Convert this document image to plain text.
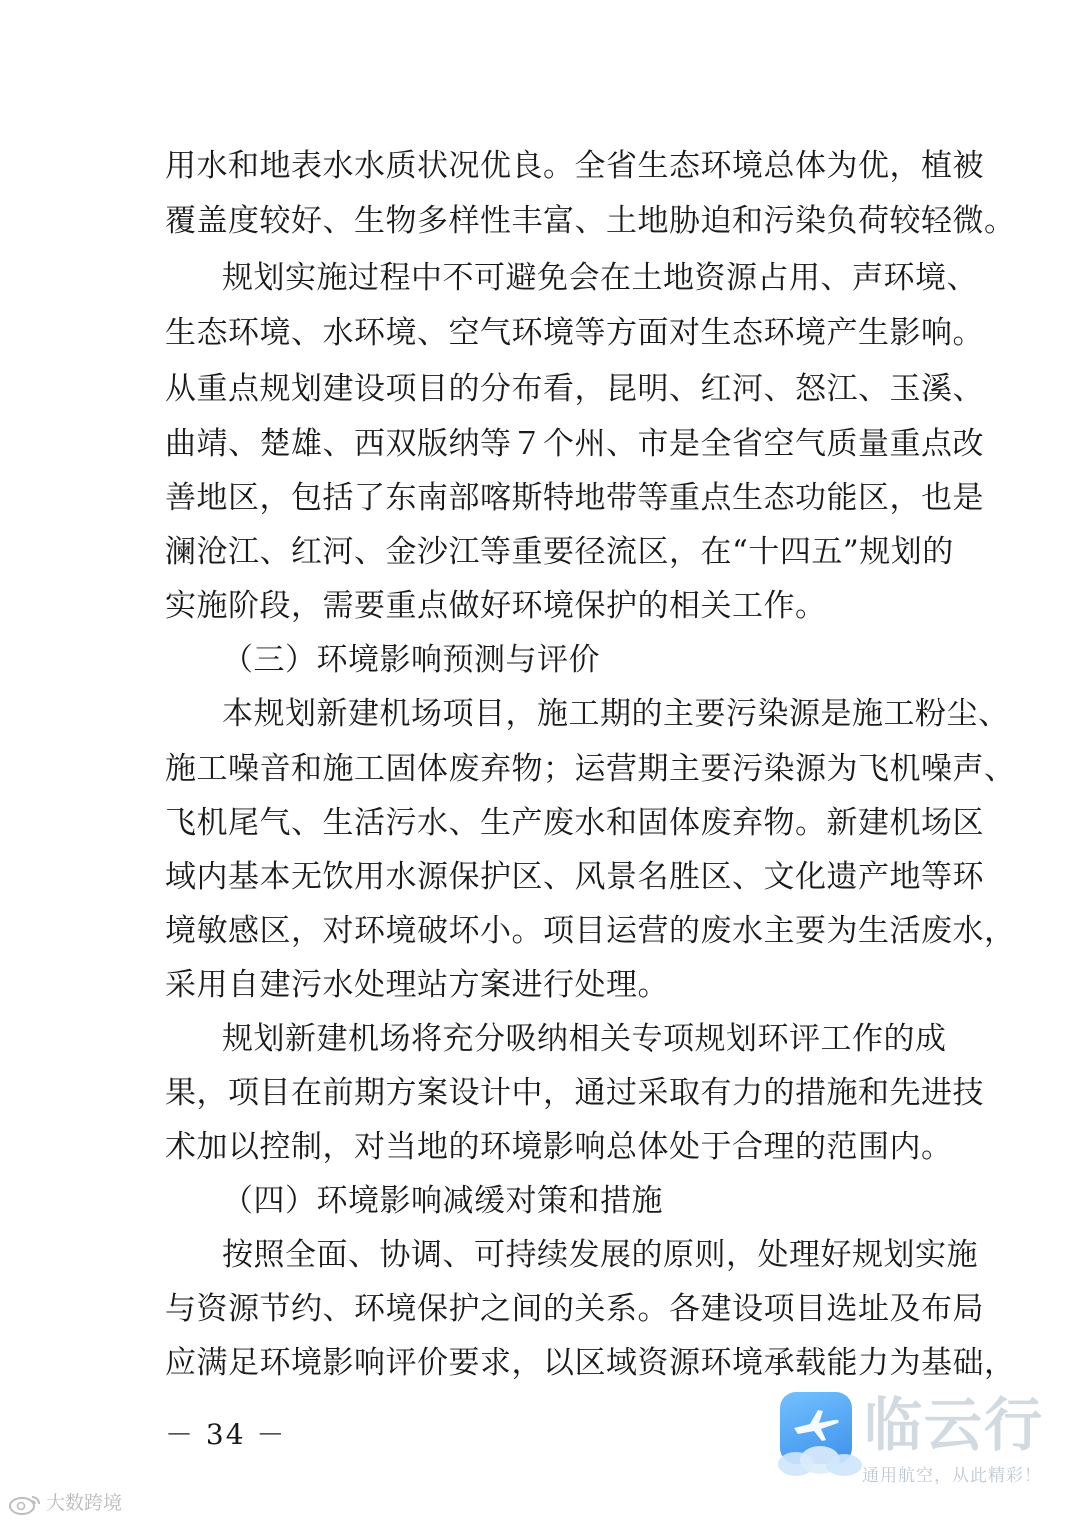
用水和地表水水质状况优良。全省生态环境总体为优，植被
覆盖度较好、生物多样性丰富、土地胁迫和污染负荷较轻微。
规划实施过程中不可避免会在土地资源占用、声环境、
生态环境、水环境、空气环境等方面对生态环境产生影响。
从重点规划建设项目的分布看，昆明、红河、怒江、玉溪、
曲靖、楚雄、西双版纳等７个州、市是全省空气质量重点改
善地区，包括了东南部喀斯特地带等重点生态功能区，也是
澜沧江、红河、金沙江等重要径流区，在“十四五”规划的
实施阶段，需要重点做好环境保护的相关工作。
（三）环境影响预测与评价
本规划新建机场项目，施工期的主要污染源是施工粉尘、
施工噪音和施工固体废弃物；运营期主要污染源为飞机噪声、
飞机尾气、生活污水、生产废水和固体废弃物。新建机场区
域内基本无饮用水源保护区、风景名胜区、文化遗产地等环
境敏感区，对环境破坏小。项目运营的废水主要为生活废水，
采用自建污水处理站方案进行处理。
规划新建机场将充分吸纳相关专项规划环评工作的成
果，项目在前期方案设计中，通过采取有力的措施和先进技
术加以控制，对当地的环境影响总体处于合理的范围内。
（四）环境影响减缓对策和措施
按照全面、协调、可持续发展的原则，处理好规划实施
与资源节约、环境保护之间的关系。各建设项目选址及布局
应满足环境影响评价要求，以区域资源环境承载能力为基础，
－ 34 －	临云行
通用航空，从此精彩！
大数跨境
